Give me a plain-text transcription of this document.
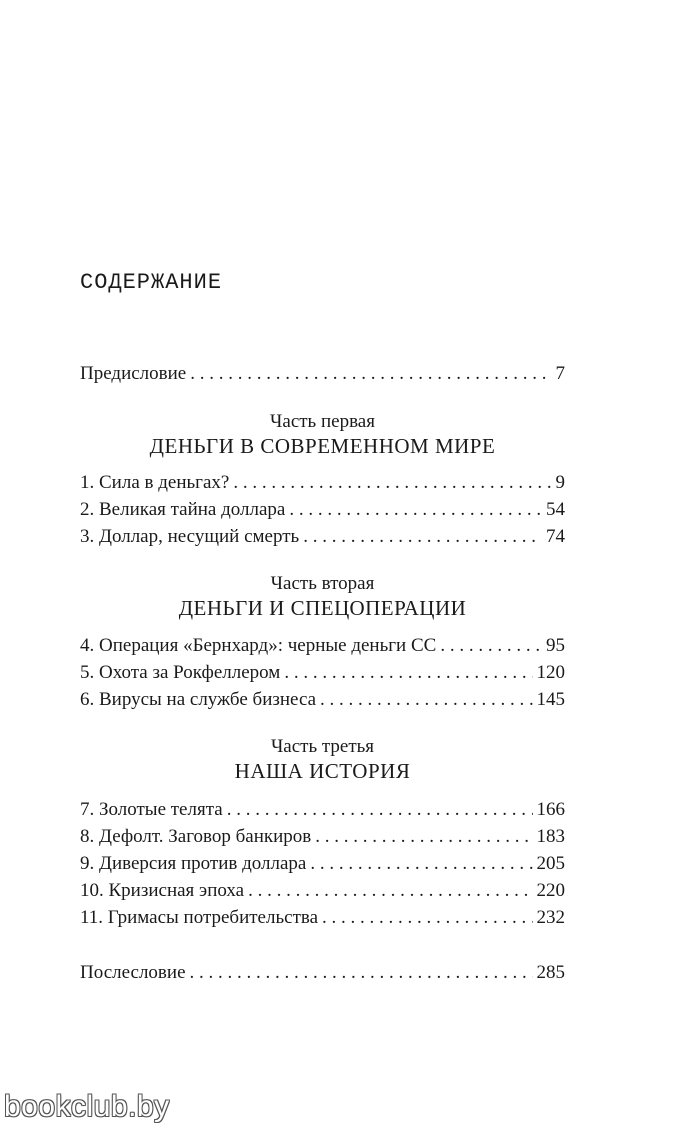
СОДЕРЖАНИЕ
Предисловие . . .	7
Часть первая
ДЕНЬГИ В СОВРЕМЕННОМ МИРЕ
1. Сила в деньгах? . . .	9
2. Великая тайна доллара . . .	54
3. Доллар, несущий смерть . . .	74
Часть вторая
ДЕНЬГИ И СПЕЦОПЕРАЦИИ
4. Операция «Бернхард»: черные деньги СС . . .	95
5. Охота за Рокфеллером . . .	120
6. Вирусы на службе бизнеса . . .	145
Часть третья
НАША ИСТОРИЯ
7. Золотые телята . . .	166
8. Дефолт. Заговор банкиров . . .	183
9. Диверсия против доллара . . .	205
10. Кризисная эпоха . . .	220
11. Гримасы потребительства . . .	232
Послесловие . . .	285
bookclub.by
